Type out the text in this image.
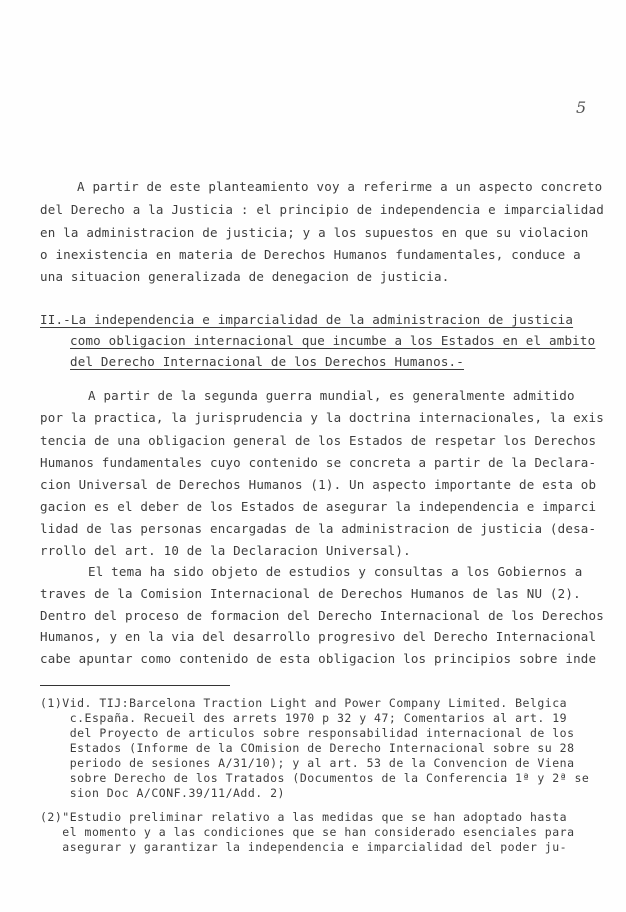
5
A partir de este planteamiento voy a referirme a un aspecto concreto
del Derecho a la Justicia : el principio de independencia e imparcialidad
en la administracion de justicia; y a los supuestos en que su violacion
o inexistencia en materia de Derechos Humanos fundamentales, conduce a
una situacion generalizada de denegacion de justicia.
II.-La independencia e imparcialidad de la administracion de justicia
como obligacion internacional que incumbe a los Estados en el ambito
del Derecho Internacional de los Derechos Humanos.-
A partir de la segunda guerra mundial, es generalmente admitido
por la practica, la jurisprudencia y la doctrina internacionales, la exis
tencia de una obligacion general de los Estados de respetar los Derechos
Humanos fundamentales cuyo contenido se concreta a partir de la Declara-
cion Universal de Derechos Humanos (1). Un aspecto importante de esta ob
gacion es el deber de los Estados de asegurar la independencia e imparci
lidad de las personas encargadas de la administracion de justicia (desa-
rrollo del art. 10 de la Declaracion Universal).
El tema ha sido objeto de estudios y consultas a los Gobiernos a
traves de la Comision Internacional de Derechos Humanos de las NU (2).
Dentro del proceso de formacion del Derecho Internacional de los Derechos
Humanos, y en la via del desarrollo progresivo del Derecho Internacional
cabe apuntar como contenido de esta obligacion los principios sobre inde
(1)Vid. TIJ:Barcelona Traction Light and Power Company Limited. Belgica
c.España. Recueil des arrets 1970 p 32 y 47; Comentarios al art. 19
del Proyecto de articulos sobre responsabilidad internacional de los
Estados (Informe de la COmision de Derecho Internacional sobre su 28
periodo de sesiones A/31/10); y al art. 53 de la Convencion de Viena
sobre Derecho de los Tratados (Documentos de la Conferencia 1ª y 2ª se
sion Doc A/CONF.39/11/Add. 2)
(2)"Estudio preliminar relativo a las medidas que se han adoptado hasta
el momento y a las condiciones que se han considerado esenciales para
asegurar y garantizar la independencia e imparcialidad del poder ju-
